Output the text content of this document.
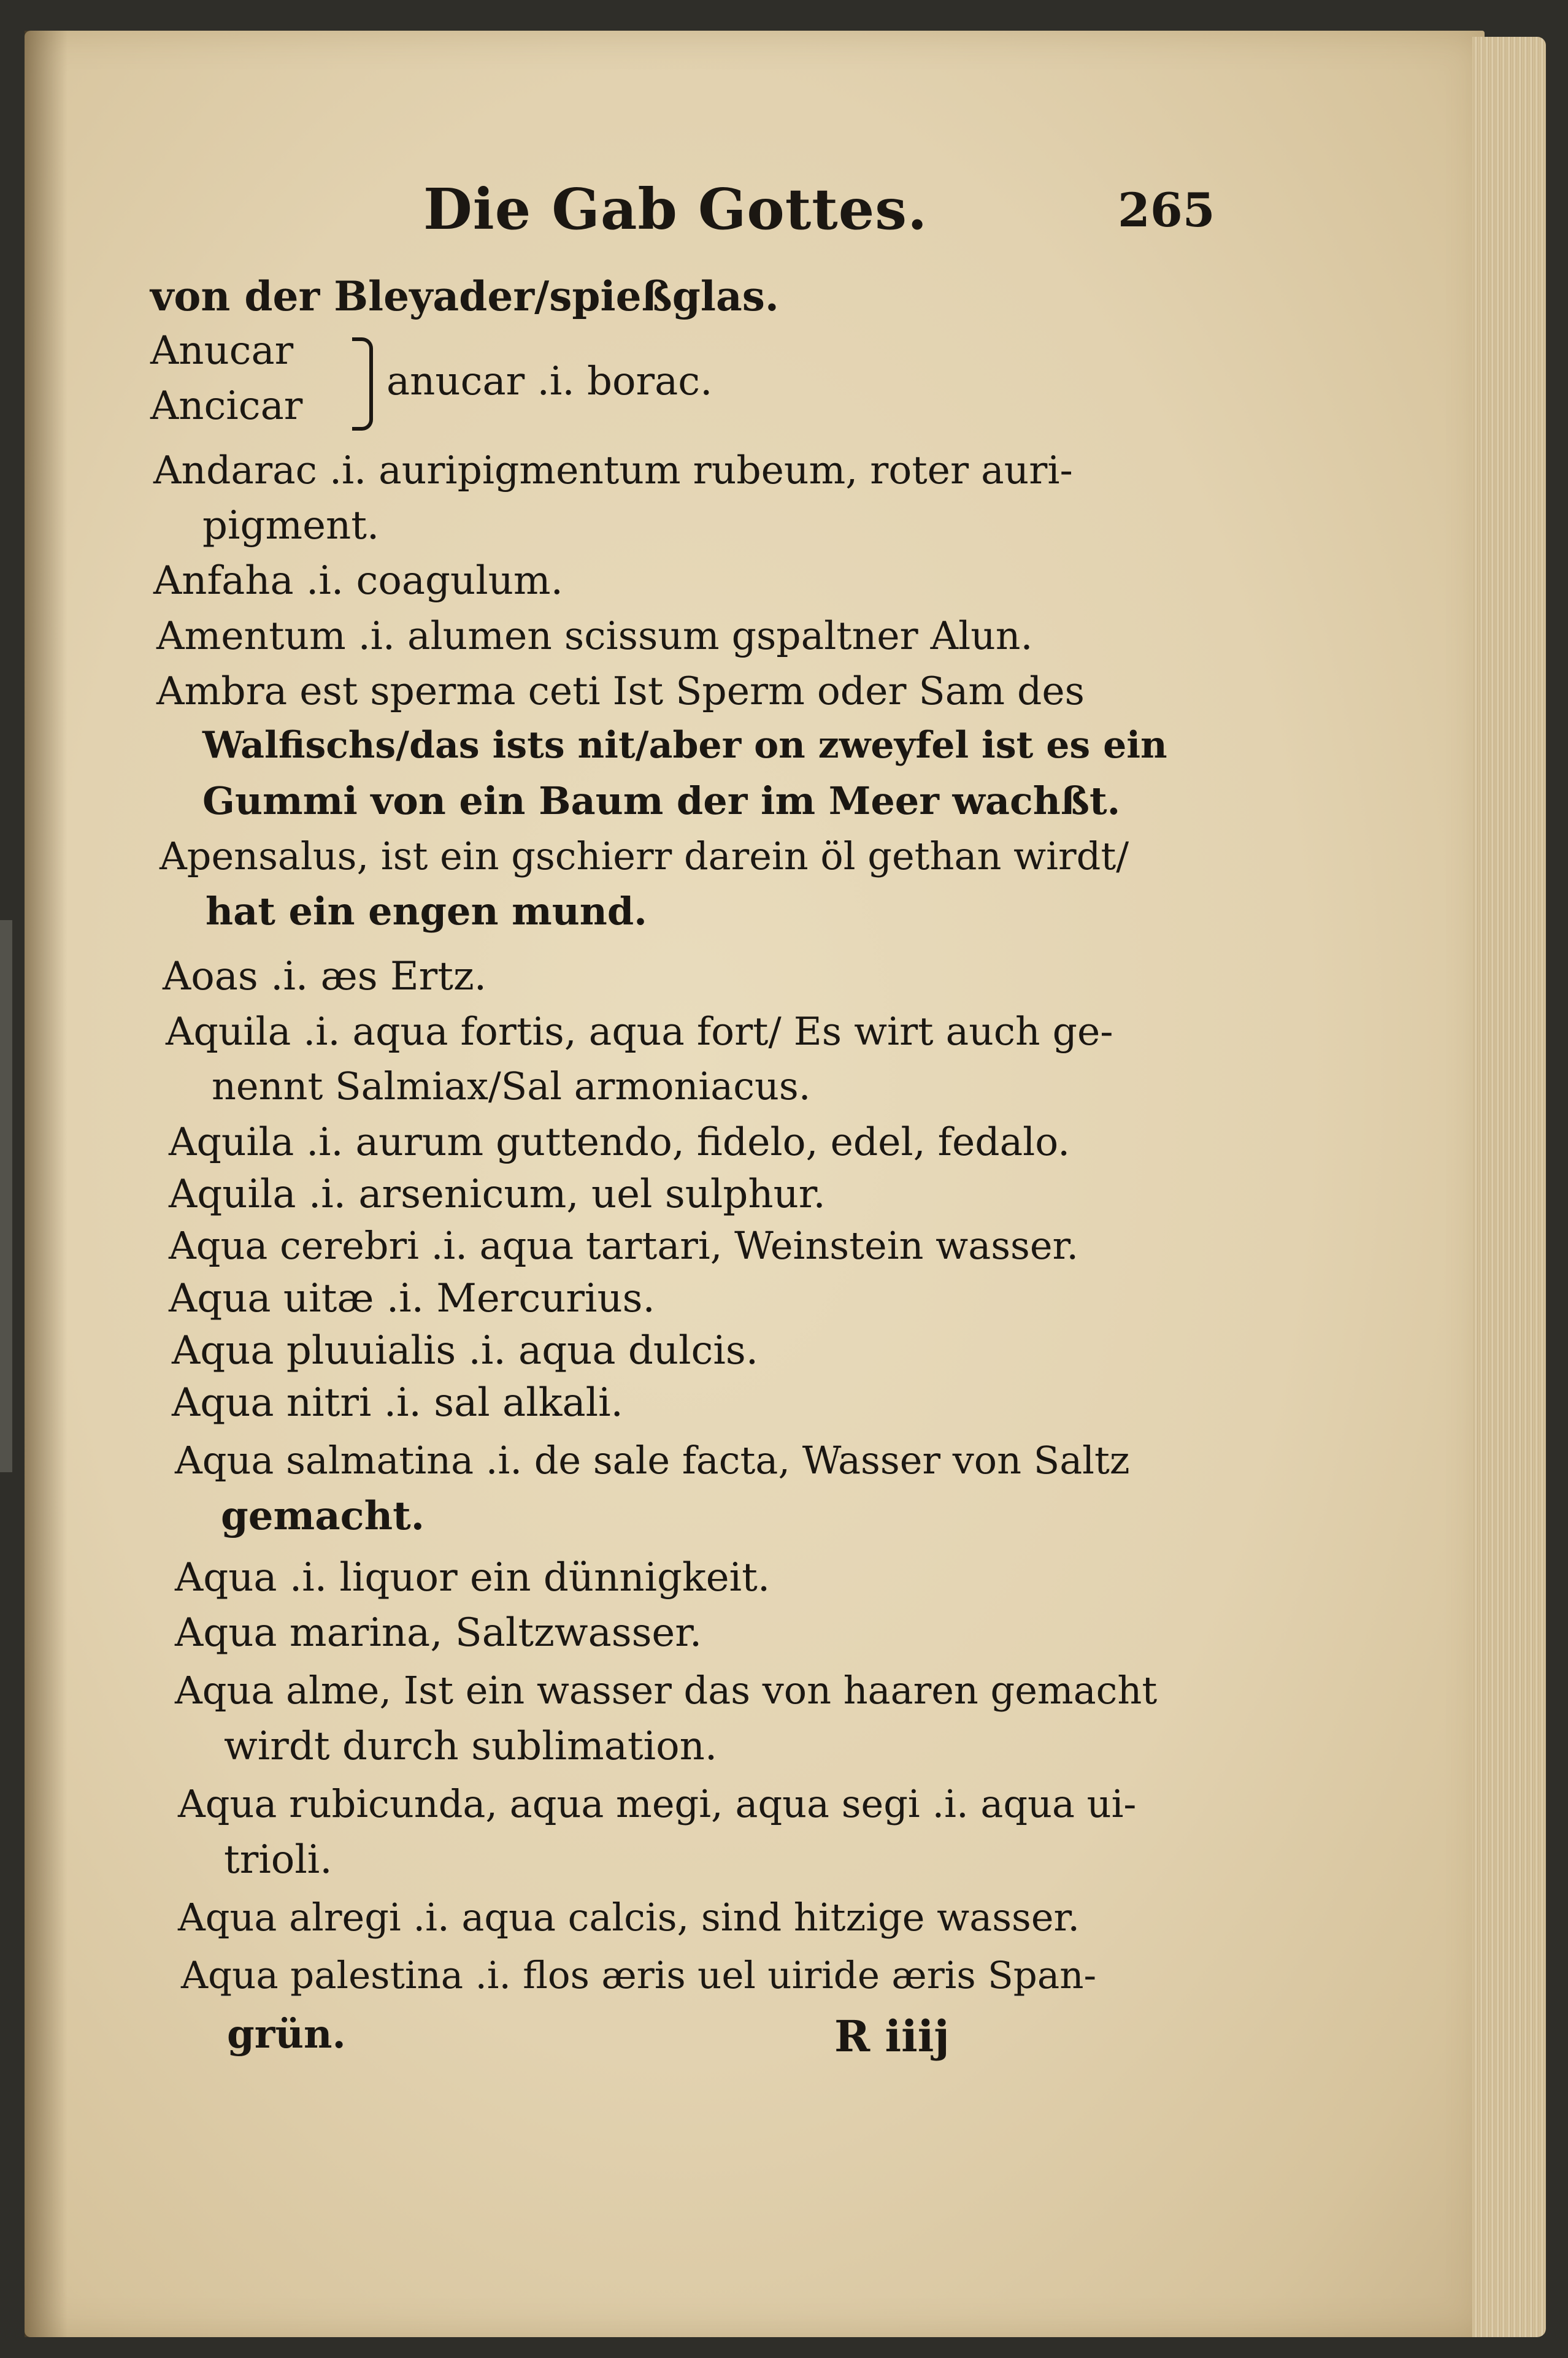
Die Gab Gottes.	265
von der Bleyader/spießglas.
Anucar
Ancicar
anucar .i. borac.
Andarac .i. auripigmentum rubeum, roter auri-
pigment.
Anfaha .i. coagulum.
Amentum .i. alumen scissum gspaltner Alun.
Ambra est sperma ceti Ist Sperm oder Sam des
Walfischs/das ists nit/aber on zweyfel ist es ein
Gummi von ein Baum der im Meer wachßt.
Apensalus, ist ein gschierr darein öl gethan wirdt/
hat ein engen mund.
Aoas .i. æs Ertz.
Aquila .i. aqua fortis, aqua fort/ Es wirt auch ge-
nennt Salmiax/Sal armoniacus.
Aquila .i. aurum guttendo, fidelo, edel, fedalo.
Aquila .i. arsenicum, uel sulphur.
Aqua cerebri .i. aqua tartari, Weinstein wasser.
Aqua uitæ .i. Mercurius.
Aqua pluuialis .i. aqua dulcis.
Aqua nitri .i. sal alkali.
Aqua salmatina .i. de sale facta, Wasser von Saltz
gemacht.
Aqua .i. liquor ein dünnigkeit.
Aqua marina, Saltzwasser.
Aqua alme, Ist ein wasser das von haaren gemacht
wirdt durch sublimation.
Aqua rubicunda, aqua megi, aqua segi .i. aqua ui-
trioli.
Aqua alregi .i. aqua calcis, sind hitzige wasser.
Aqua palestina .i. flos æris uel uiride æris Span-
grün.	R iiij
